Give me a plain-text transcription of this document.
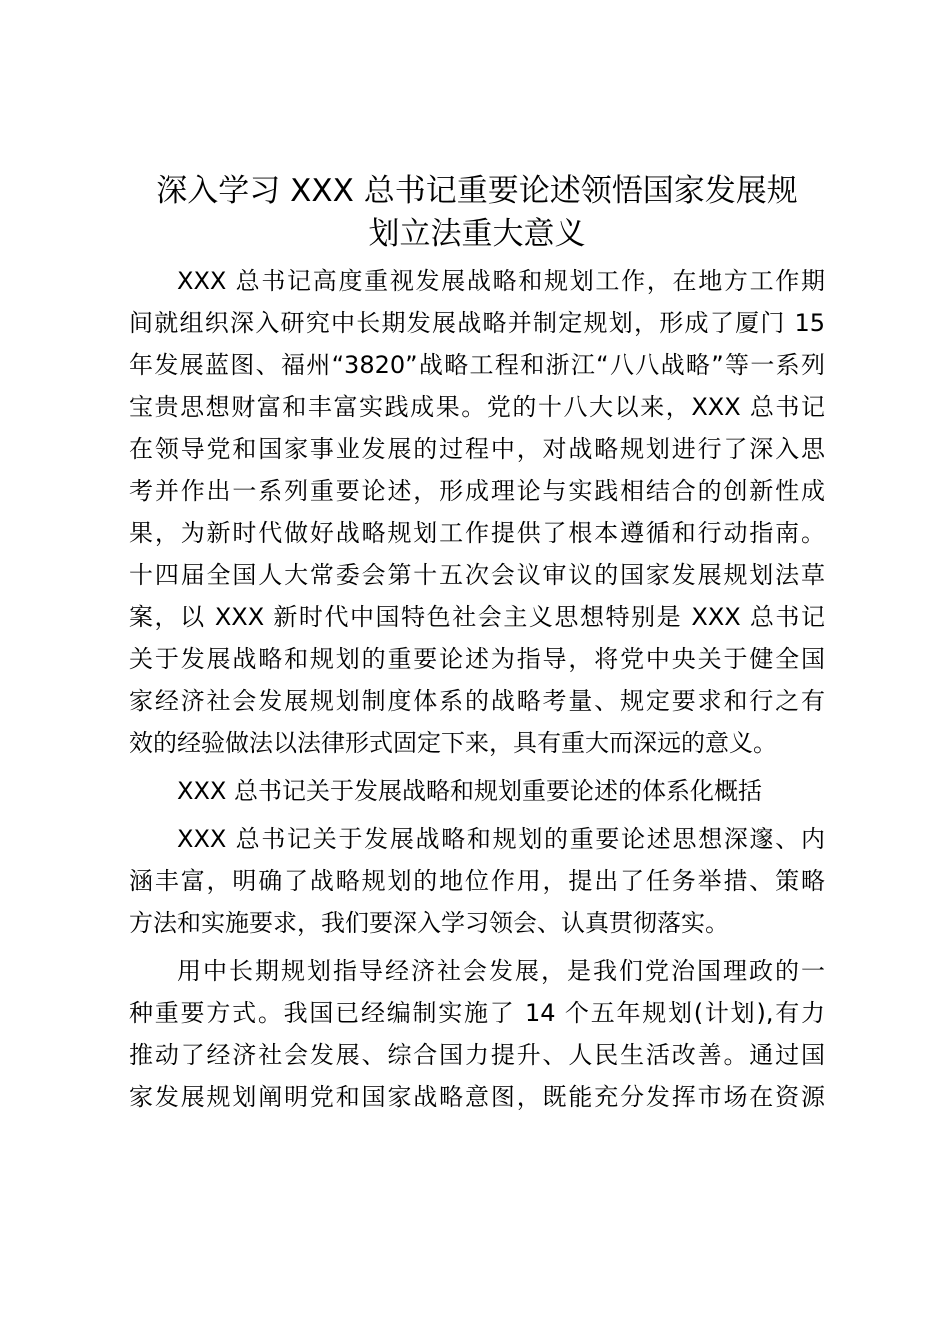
深入学习 XXX 总书记重要论述领悟国家发展规
划立法重大意义
XXX 总书记高度重视发展战略和规划工作，在地方工作期
间就组织深入研究中长期发展战略并制定规划，形成了厦门 15
年发展蓝图、福州“3820”战略工程和浙江“八八战略”等一系列
宝贵思想财富和丰富实践成果。党的十八大以来，XXX 总书记
在领导党和国家事业发展的过程中，对战略规划进行了深入思
考并作出一系列重要论述，形成理论与实践相结合的创新性成
果，为新时代做好战略规划工作提供了根本遵循和行动指南。
十四届全国人大常委会第十五次会议审议的国家发展规划法草
案，以 XXX 新时代中国特色社会主义思想特别是 XXX 总书记
关于发展战略和规划的重要论述为指导，将党中央关于健全国
家经济社会发展规划制度体系的战略考量、规定要求和行之有
效的经验做法以法律形式固定下来，具有重大而深远的意义。
XXX 总书记关于发展战略和规划重要论述的体系化概括
XXX 总书记关于发展战略和规划的重要论述思想深邃、内
涵丰富，明确了战略规划的地位作用，提出了任务举措、策略
方法和实施要求，我们要深入学习领会、认真贯彻落实。
用中长期规划指导经济社会发展，是我们党治国理政的一
种重要方式。我国已经编制实施了 14 个五年规划(计划),有力
推动了经济社会发展、综合国力提升、人民生活改善。通过国
家发展规划阐明党和国家战略意图，既能充分发挥市场在资源
